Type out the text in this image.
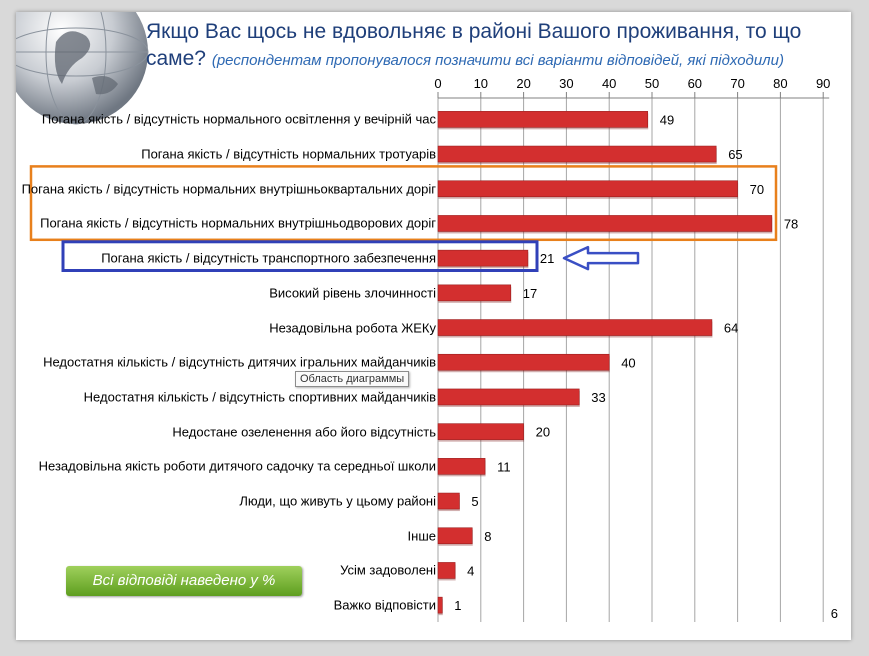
Якщо Вас щось не вдовольняє в районі Вашого проживання, то що саме? (респондентам пропонувалося позначити всі варіанти відповідей, які підходили)
0 10 20 30 40 50 60 70 80 90
49
65
70
78
21
17
64
40
33
20
11
5
8
4
1
6
Погана якість / відсутність нормального освітлення у вечірній час
Погана якість / відсутність нормальних тротуарів
Погана якість / відсутність нормальних внутрішньоквартальних доріг
Погана якість / відсутність нормальних внутрішньодворових доріг
Погана якість / відсутність транспортного забезпечення
Високий рівень злочинності
Незадовільна робота ЖЕКу
Недостатня кількість / відсутність дитячих ігральних майданчиків
Недостатня кількість / відсутність спортивних майданчиків
Недостане озеленення або його відсутність
Незадовільна якість роботи дитячого садочку та середньої школи
Люди, що живуть у цьому районі
Інше
Усім задоволені
Важко відповісти
Всі відповіді наведено у %
Область диаграммы
